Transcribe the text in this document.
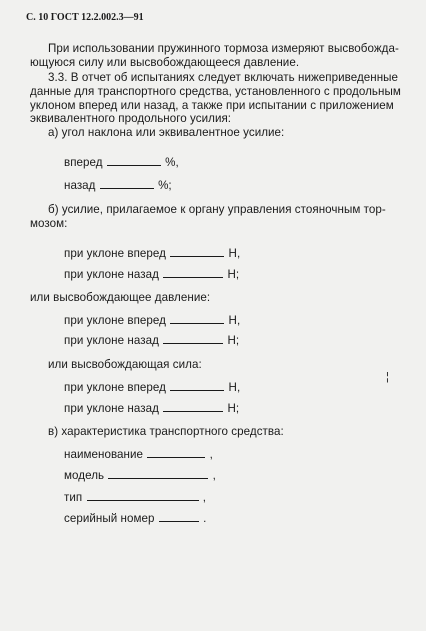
С. 10 ГОСТ 12.2.002.3—91
При использовании пружинного тормоза измеряют высвобожда-
ющуюся силу или высвобождающееся давление.
3.3. В отчет об испытаниях следует включать нижеприведенные
данные для транспортного средства, установленного с продольным
уклоном вперед или назад, а также при испытании с приложением
эквивалентного продольного усилия:
а) угол наклона или эквивалентное усилие:
вперед	%,
назад	%;
б) усилие, прилагаемое к органу управления стояночным тор-
мозом:
при уклоне вперед	Н,
при уклоне назад	Н;
или высвобождающее давление:
при уклоне вперед	Н,
при уклоне назад	Н;
или высвобождающая сила:
при уклоне вперед	Н,
при уклоне назад	Н;
в) характеристика транспортного средства:
наименование	,
модель	,
тип	,
серийный номер	.
¦
